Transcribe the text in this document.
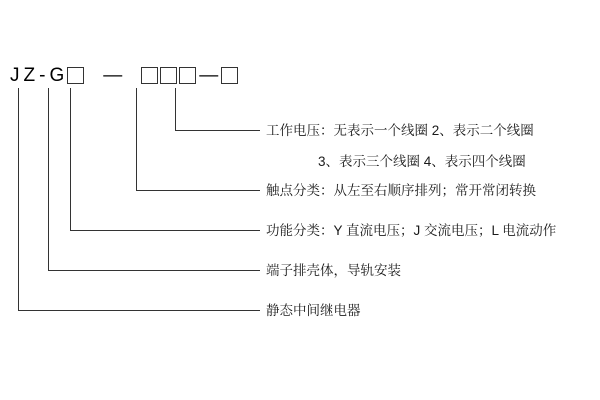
J Z - G —	—
工作电压：无表示一个线圈 2、表示二个线圈
3、表示三个线圈 4、表示四个线圈
触点分类：从左至右顺序排列；常开常闭转换
功能分类：Y 直流电压；J 交流电压；L 电流动作
端子排壳体，导轨安装
静态中间继电器
